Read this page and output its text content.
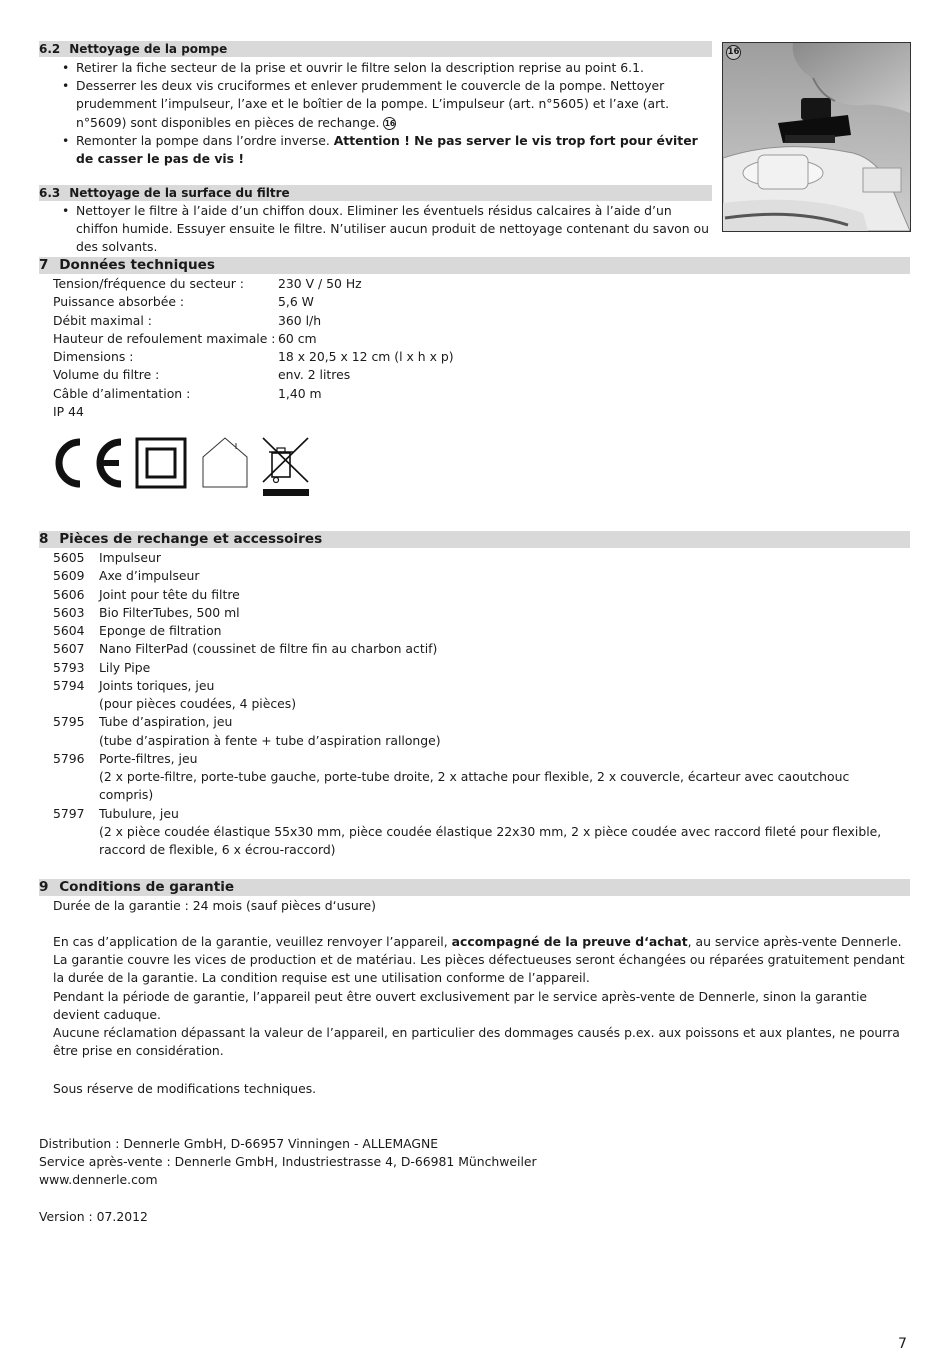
6.2 Nettoyage de la pompe
• Retirer la fiche secteur de la prise et ouvrir le filtre selon la description reprise au point 6.1.
• Desserrer les deux vis cruciformes et enlever prudemment le couvercle de la pompe. Nettoyer prudemment l’impulseur, l’axe et le boîtier de la pompe. L’impulseur (art. n°5605) et l’axe (art. n°5609) sont disponibles en pièces de rechange. 16
• Remonter la pompe dans l’ordre inverse. Attention ! Ne pas server le vis trop fort pour éviter de casser le pas de vis !
16
6.3 Nettoyage de la surface du filtre
• Nettoyer le filtre à l’aide d’un chiffon doux. Eliminer les éventuels résidus calcaires à l’aide d’un chiffon humide. Essuyer ensuite le filtre. N’utiliser aucun produit de nettoyage contenant du savon ou des solvants.
7 Données techniques
Tension/fréquence du secteur :	230 V / 50 Hz
Puissance absorbée :	5,6 W
Débit maximal :	360 l/h
Hauteur de refoulement maximale :	60 cm
Dimensions :	18 x 20,5 x 12 cm (l x h x p)
Volume du filtre :	env. 2 litres
Câble d’alimentation :	1,40 m
IP 44	
8 Pièces de rechange et accessoires
5605 Impulseur
5609 Axe d’impulseur
5606 Joint pour tête du filtre
5603 Bio FilterTubes, 500 ml
5604 Eponge de filtration
5607 Nano FilterPad (coussinet de filtre fin au charbon actif)
5793 Lily Pipe
5794 Joints toriques, jeu
(pour pièces coudées, 4 pièces)
5795 Tube d’aspiration, jeu
(tube d’aspiration à fente + tube d’aspiration rallonge)
5796 Porte-filtres, jeu
(2 x porte-filtre, porte-tube gauche, porte-tube droite, 2 x attache pour flexible, 2 x couvercle, écarteur avec caoutchouc compris)
5797 Tubulure, jeu
(2 x pièce coudée élastique 55x30 mm, pièce coudée élastique 22x30 mm, 2 x pièce coudée avec raccord fileté pour flexible, raccord de flexible, 6 x écrou-raccord)
9 Conditions de garantie
Durée de la garantie : 24 mois (sauf pièces d‘usure)
En cas d’application de la garantie, veuillez renvoyer l’appareil, accompagné de la preuve d‘achat, au service après-vente Dennerle.
La garantie couvre les vices de production et de matériau. Les pièces défectueuses seront échangées ou réparées gratuitement pendant la durée de la garantie. La condition requise est une utilisation conforme de l’appareil.
Pendant la période de garantie, l’appareil peut être ouvert exclusivement par le service après-vente de Dennerle, sinon la garantie devient caduque.
Aucune réclamation dépassant la valeur de l’appareil, en particulier des dommages causés p.ex. aux poissons et aux plantes, ne pourra être prise en considération.
Sous réserve de modifications techniques.
Distribution : Dennerle GmbH, D-66957 Vinningen - ALLEMAGNE
Service après-vente : Dennerle GmbH, Industriestrasse 4, D-66981 Münchweiler
www.dennerle.com
Version : 07.2012
7
